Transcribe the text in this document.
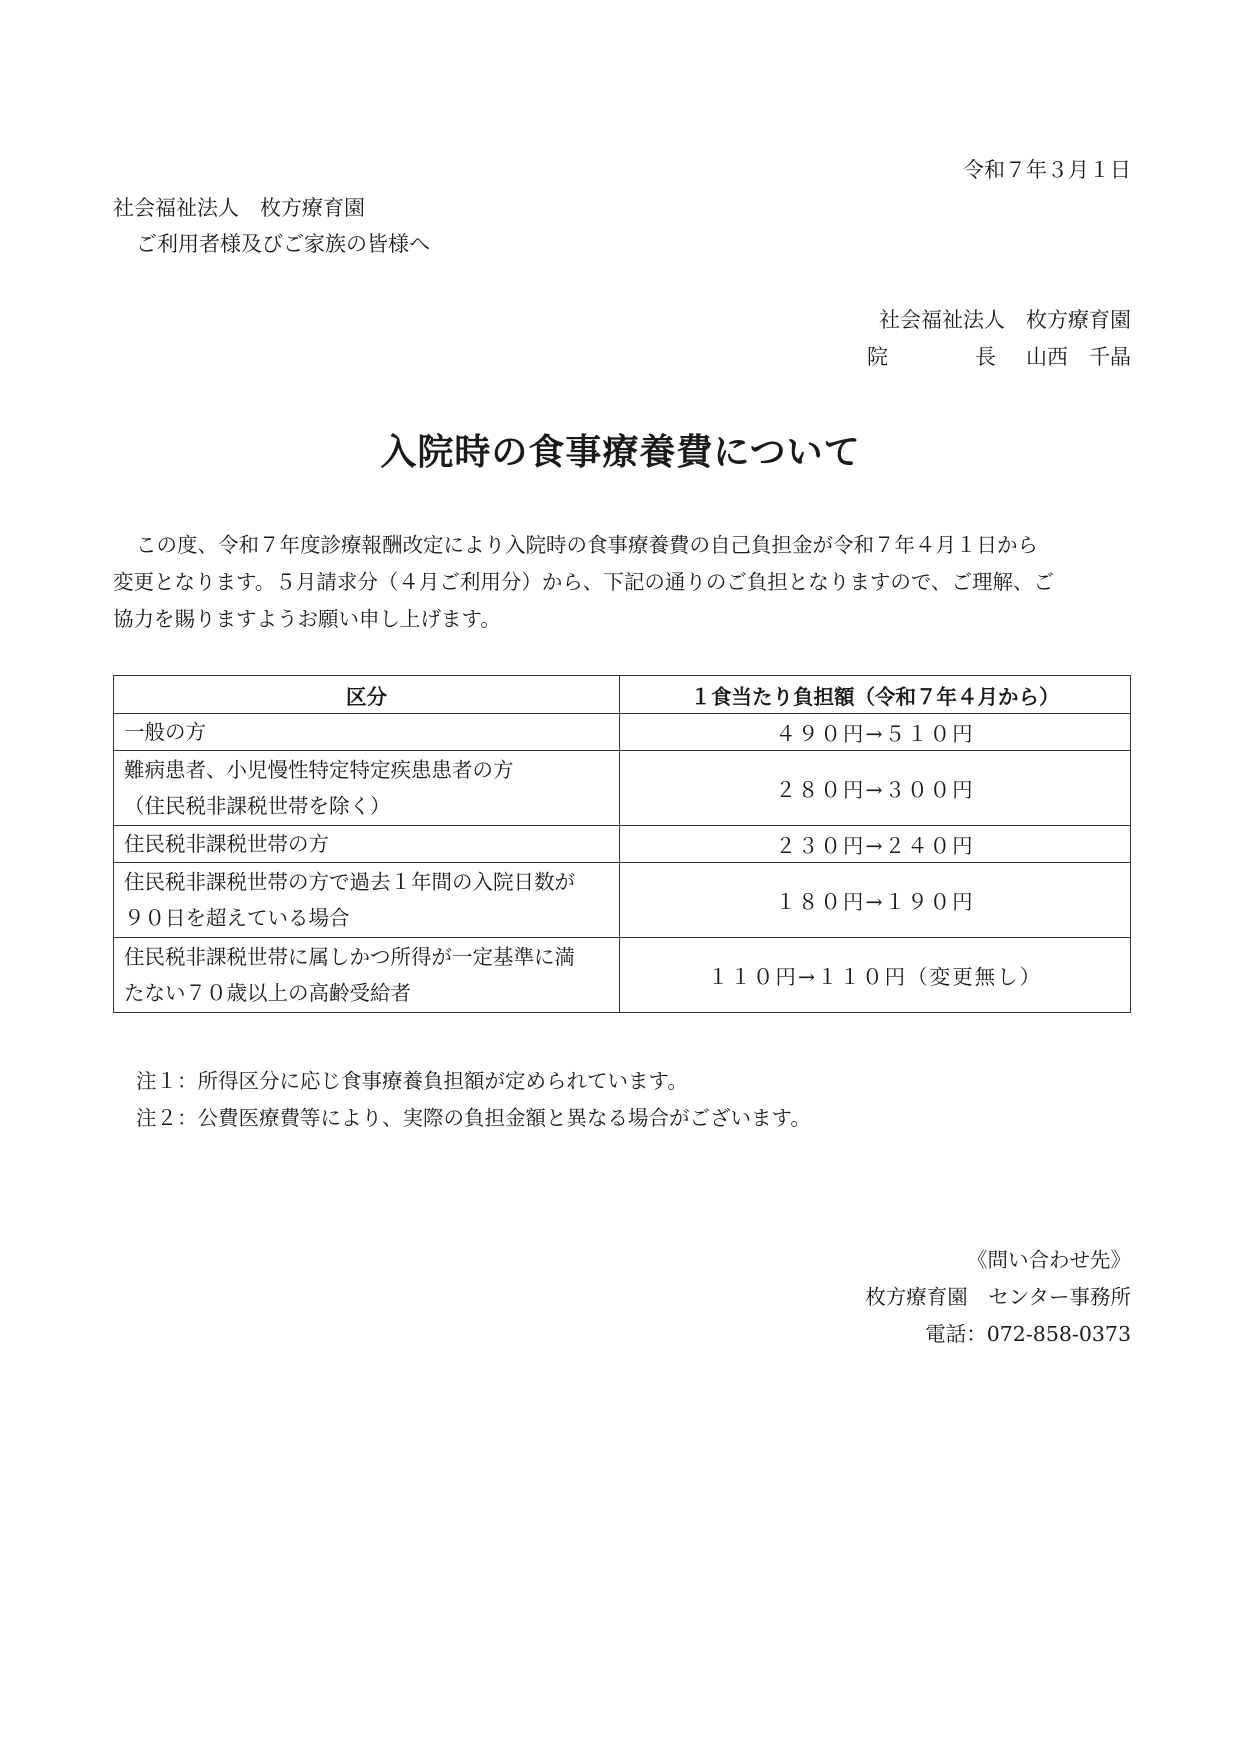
令和７年３月１日
社会福祉法人　枚方療育園
ご利用者様及びご家族の皆様へ
社会福祉法人　枚方療育園
院	長 山西　千晶
入院時の食事療養費について
この度、令和７年度診療報酬改定により入院時の食事療養費の自己負担金が令和７年４月１日から
変更となります。５月請求分（４月ご利用分）から、下記の通りのご負担となりますので、ご理解、ご
協力を賜りますようお願い申し上げます。
区分	１食当たり負担額（令和７年４月から）

一般の方	４９０円→５１０円

難病患者、小児慢性特定特定疾患患者の方
（住民税非課税世帯を除く）	２８０円→３００円

住民税非課税世帯の方	２３０円→２４０円

住民税非課税世帯の方で過去１年間の入院日数が
９０日を超えている場合	１８０円→１９０円

住民税非課税世帯に属しかつ所得が一定基準に満
たない７０歳以上の高齢受給者	１１０円→１１０円（変更無し）
注１：所得区分に応じ食事療養負担額が定められています。
注２：公費医療費等により、実際の負担金額と異なる場合がございます。
《問い合わせ先》
枚方療育園　センター事務所
電話：072-858-0373
